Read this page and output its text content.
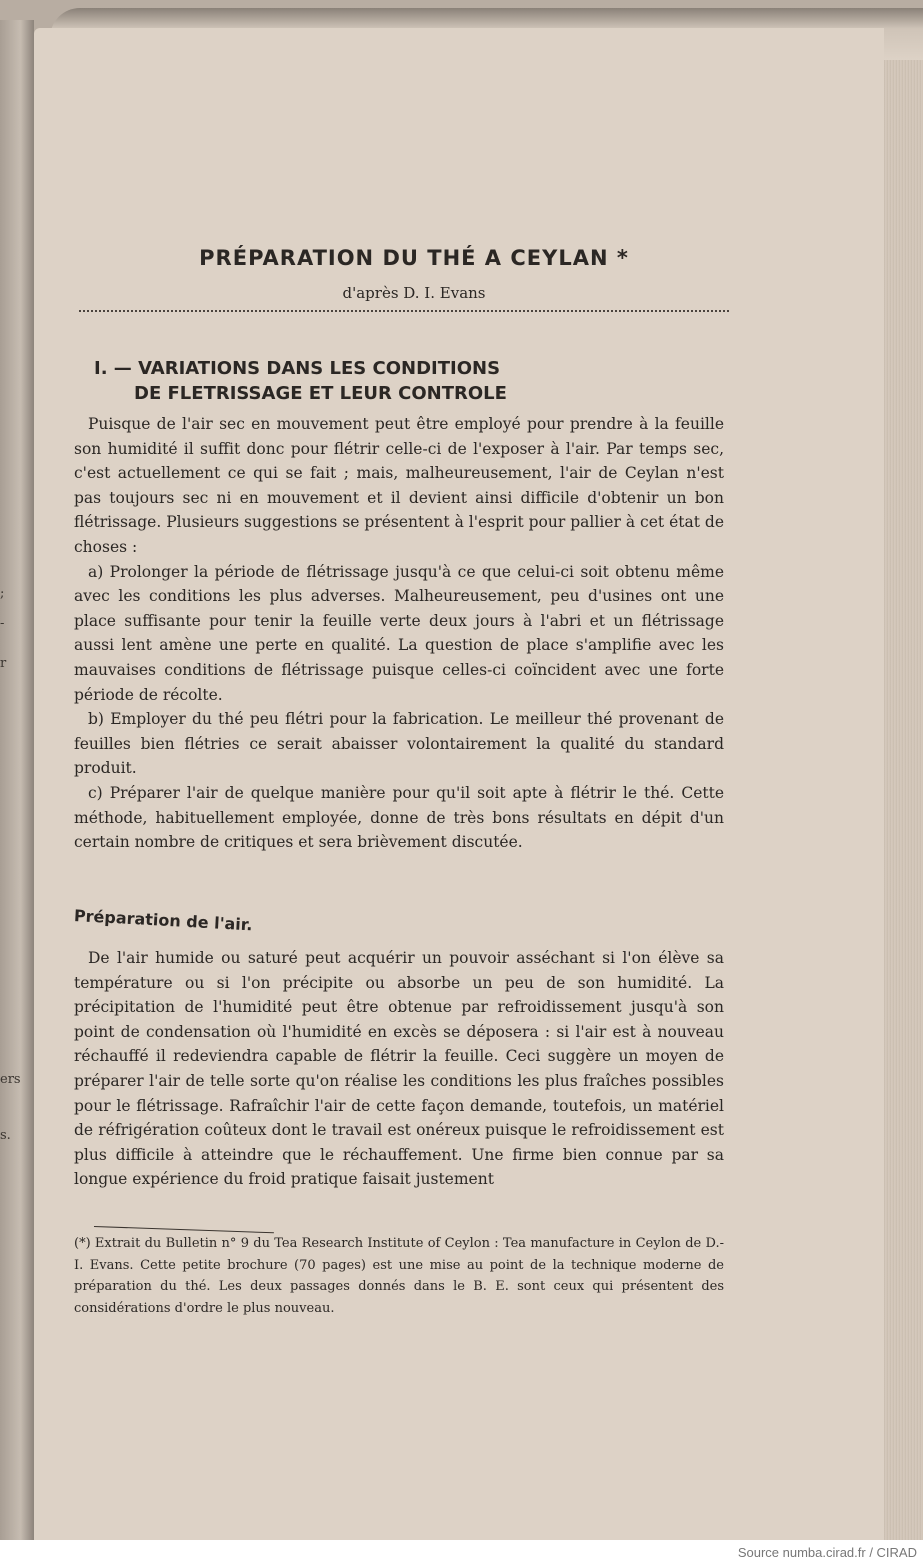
;
-
r
ers
s.
PRÉPARATION DU THÉ A CEYLAN *
d'après D. I. Evans
I. — VARIATIONS DANS LES CONDITIONS
DE FLETRISSAGE ET LEUR CONTROLE

Puisque de l'air sec en mouvement peut être employé pour prendre à la feuille son humidité il suffit donc pour flétrir celle-ci de l'exposer à l'air. Par temps sec, c'est actuellement ce qui se fait ; mais, malheureusement, l'air de Ceylan n'est pas toujours sec ni en mouvement et il devient ainsi difficile d'obtenir un bon flétrissage. Plusieurs suggestions se présentent à l'esprit pour pallier à cet état de choses :

a) Prolonger la période de flétrissage jusqu'à ce que celui-ci soit obtenu même avec les conditions les plus adverses. Malheureusement, peu d'usines ont une place suffisante pour tenir la feuille verte deux jours à l'abri et un flétrissage aussi lent amène une perte en qualité. La question de place s'amplifie avec les mauvaises conditions de flétrissage puisque celles-ci coïncident avec une forte période de récolte.

b) Employer du thé peu flétri pour la fabrication. Le meilleur thé provenant de feuilles bien flétries ce serait abaisser volontairement la qualité du standard produit.

c) Préparer l'air de quelque manière pour qu'il soit apte à flétrir le thé. Cette méthode, habituellement employée, donne de très bons résultats en dépit d'un certain nombre de critiques et sera brièvement discutée.

Préparation de l'air.

De l'air humide ou saturé peut acquérir un pouvoir asséchant si l'on élève sa température ou si l'on précipite ou absorbe un peu de son humidité. La précipitation de l'humidité peut être obtenue par refroidissement jusqu'à son point de condensation où l'humidité en excès se déposera : si l'air est à nouveau réchauffé il redeviendra capable de flétrir la feuille. Ceci suggère un moyen de préparer l'air de telle sorte qu'on réalise les conditions les plus fraîches possibles pour le flétrissage. Rafraîchir l'air de cette façon demande, toutefois, un matériel de réfrigération coûteux dont le travail est onéreux puisque le refroidissement est plus difficile à atteindre que le réchauffement. Une firme bien connue par sa longue expérience du froid pratique faisait justement

(*) Extrait du Bulletin n° 9 du Tea Research Institute of Ceylon : Tea manufacture in Ceylon de D.-I. Evans. Cette petite brochure (70 pages) est une mise au point de la technique moderne de préparation du thé. Les deux passages donnés dans le B. E. sont ceux qui présentent des considérations d'ordre le plus nouveau.
Source numba.cirad.fr / CIRAD
